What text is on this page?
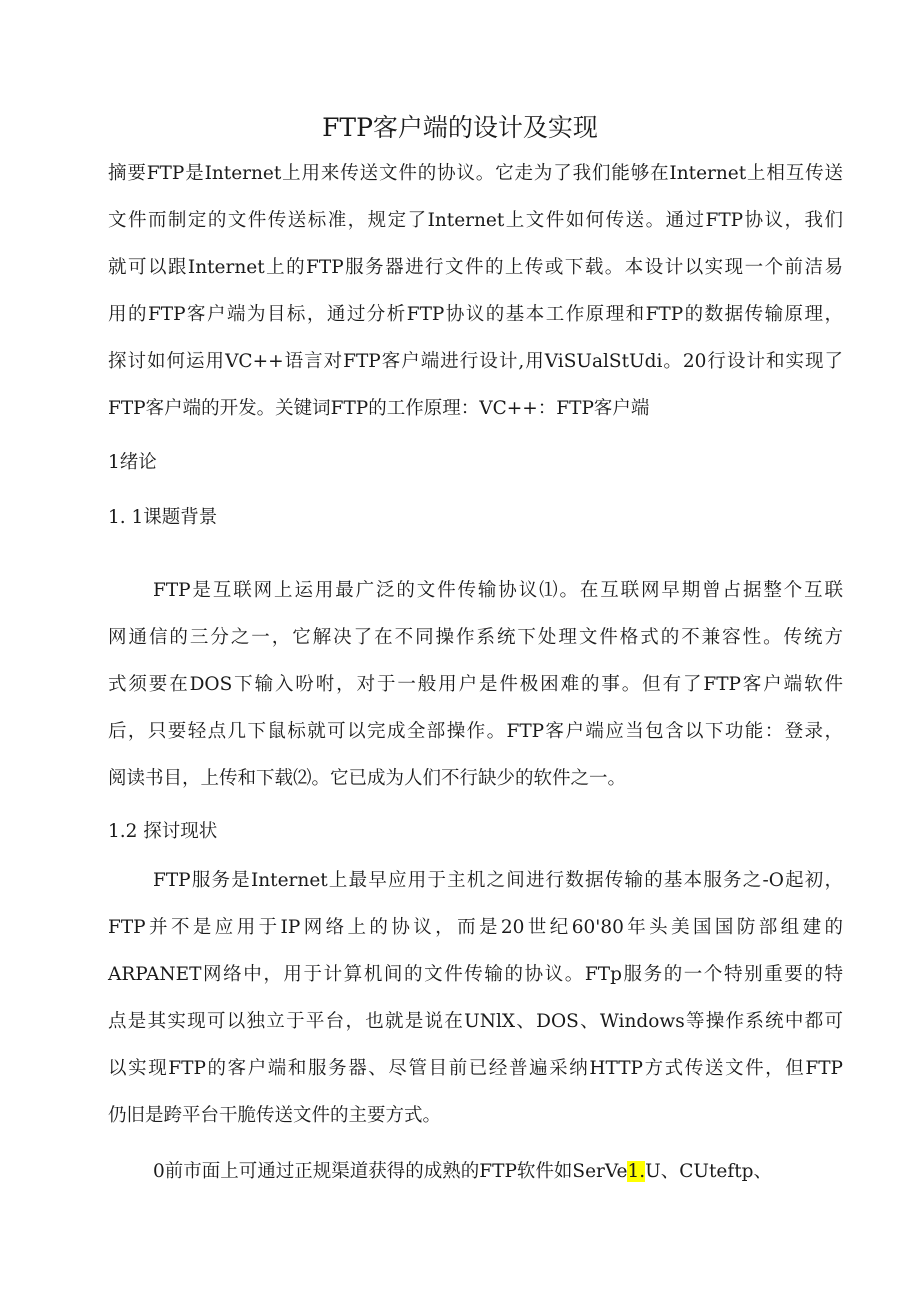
FTP客户端的设计及实现
摘要FTP是Internet上用来传送文件的协议。它走为了我们能够在Internet上相互传送
文件而制定的文件传送标准，规定了Internet上文件如何传送。通过FTP协议，我们
就可以跟Internet上的FTP服务器进行文件的上传或下载。本设计以实现一个前洁易
用的FTP客户端为目标，通过分析FTP协议的基本工作原理和FTP的数据传输原理，
探讨如何运用VC++语言对FTP客户端进行设计,用ViSUalStUdi。20行设计和实现了
FTP客户端的开发。关键词FTP的工作原理：VC++：FTP客户端
1绪论
1. 1课题背景
FTP是互联网上运用最广泛的文件传输协议⑴。在互联网早期曾占据整个互联
网通信的三分之一，它解决了在不同操作系统下处理文件格式的不兼容性。传统方
式须要在DOS下输入吩咐，对于一般用户是件极困难的事。但有了FTP客户端软件
后，只要轻点几下鼠标就可以完成全部操作。FTP客户端应当包含以下功能：登录，
阅读书目，上传和下载⑵。它已成为人们不行缺少的软件之一。
1.2 探讨现状
FTP服务是Internet上最早应用于主机之间进行数据传输的基本服务之-O起初，
FTP并不是应用于IP网络上的协议，而是20世纪60'80年头美国国防部组建的
ARPANET网络中，用于计算机间的文件传输的协议。FTp服务的一个特别重要的特
点是其实现可以独立于平台，也就是说在UNlX、DOS、Windows等操作系统中都可
以实现FTP的客户端和服务器、尽管目前已经普遍采纳HTTP方式传送文件，但FTP
仍旧是跨平台干脆传送文件的主要方式。
0前市面上可通过正规渠道获得的成熟的FTP软件如SerVe1.U、CUteftp、
